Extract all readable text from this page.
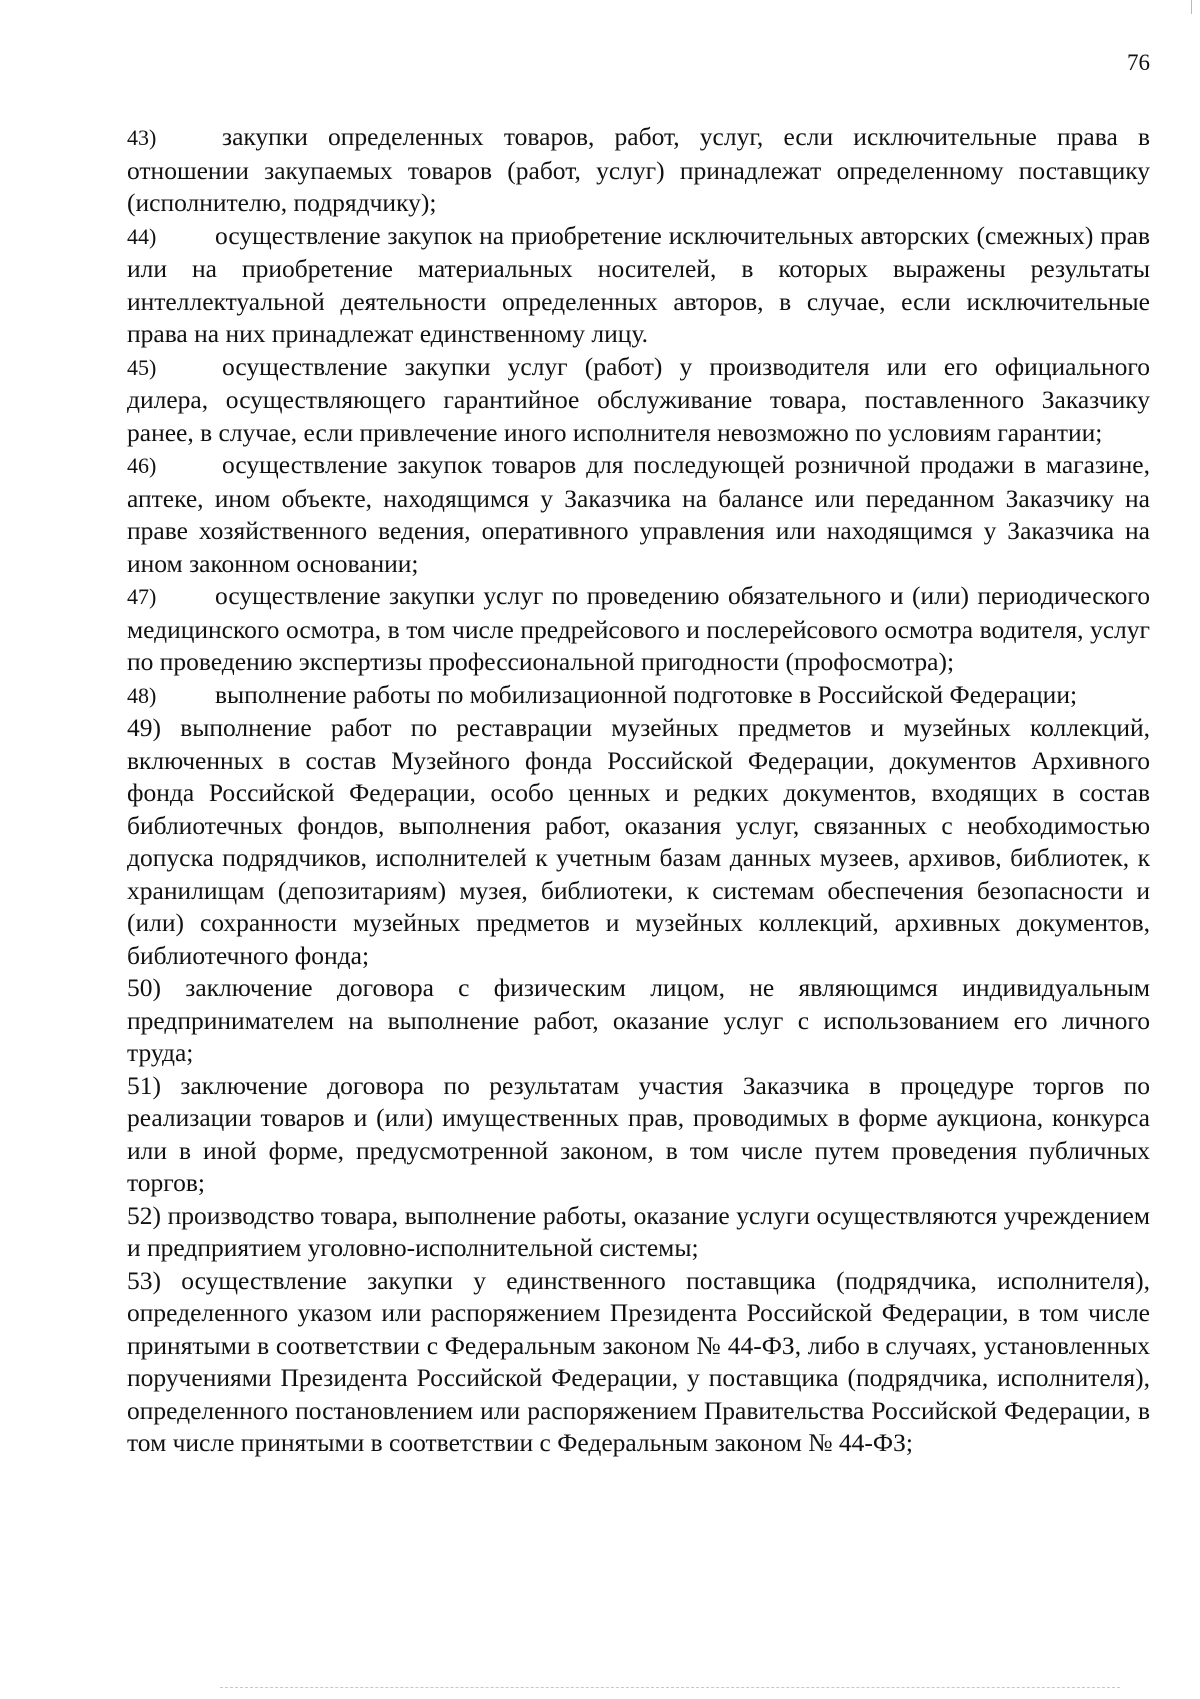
76

43)	закупки определенных товаров, работ, услуг, если исключительные права в отношении закупаемых товаров (работ, услуг) принадлежат определенному поставщику (исполнителю, подрядчику);

44) осуществление закупок на приобретение исключительных авторских (смежных) прав или на приобретение материальных носителей, в которых выражены результаты интеллектуальной деятельности определенных авторов, в случае, если исключительные права на них принадлежат единственному лицу.

45)	осуществление закупки услуг (работ) у производителя или его официального дилера, осуществляющего гарантийное обслуживание товара, поставленного Заказчику ранее, в случае, если привлечение иного исполнителя невозможно по условиям гарантии;

46)	осуществление закупок товаров для последующей розничной продажи в магазине, аптеке, ином объекте, находящимся у Заказчика на балансе или переданном Заказчику на праве хозяйственного ведения, оперативного управления или находящимся у Заказчика на ином законном основании;

47) осуществление закупки услуг по проведению обязательного и (или) периодического медицинского осмотра, в том числе предрейсового и послерейсового осмотра водителя, услуг по проведению экспертизы профессиональной пригодности (профосмотра);

48) выполнение работы по мобилизационной подготовке в Российской Федерации;

49) выполнение работ по реставрации музейных предметов и музейных коллекций, включенных в состав Музейного фонда Российской Федерации, документов Архивного фонда Российской Федерации, особо ценных и редких документов, входящих в состав библиотечных фондов, выполнения работ, оказания услуг, связанных с необходимостью допуска подрядчиков, исполнителей к учетным базам данных музеев, архивов, библиотек, к хранилищам (депозитариям) музея, библиотеки, к системам обеспечения безопасности и (или) сохранности музейных предметов и музейных коллекций, архивных документов, библиотечного фонда;

50) заключение договора с физическим лицом, не являющимся индивидуальным предпринимателем на выполнение работ, оказание услуг с использованием его личного труда;

51) заключение договора по результатам участия Заказчика в процедуре торгов по реализации товаров и (или) имущественных прав, проводимых в форме аукциона, конкурса или в иной форме, предусмотренной законом, в том числе путем проведения публичных торгов;

52) производство товара, выполнение работы, оказание услуги осуществляются учреждением и предприятием уголовно-исполнительной системы;

53) осуществление закупки у единственного поставщика (подрядчика, исполнителя), определенного указом или распоряжением Президента Российской Федерации, в том числе принятыми в соответствии с Федеральным законом № 44-ФЗ, либо в случаях, установленных поручениями Президента Российской Федерации, у поставщика (подрядчика, исполнителя), определенного постановлением или распоряжением Правительства Российской Федерации, в том числе принятыми в соответствии с Федеральным законом № 44-ФЗ;
